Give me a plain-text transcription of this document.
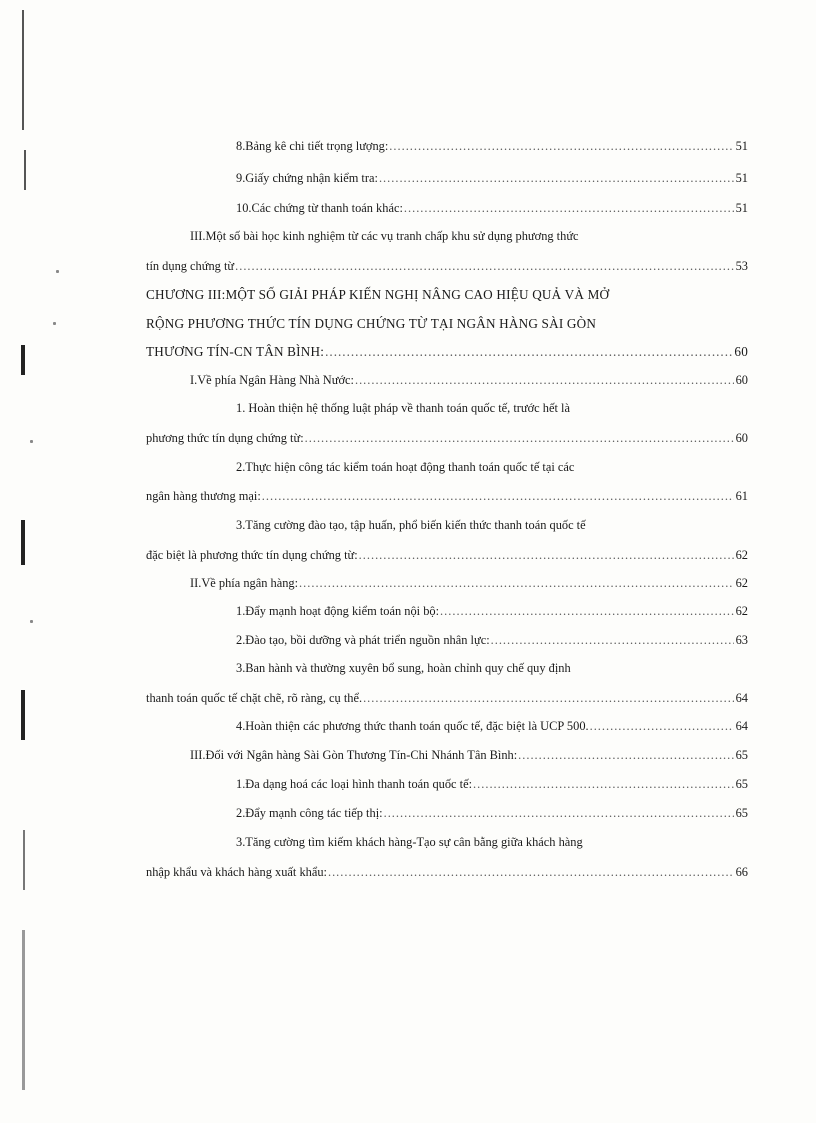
8.Bảng kê chi tiết trọng lượng: .....	51
9.Giấy chứng nhận kiểm tra: .....	51
10.Các chứng từ thanh toán khác: .....	51
III.Một số bài học kinh nghiệm từ các vụ tranh chấp khu sử dụng phương thức
tín dụng chứng từ .....	53
CHƯƠNG III:MỘT SỐ GIẢI PHÁP KIẾN NGHỊ NÂNG CAO HIỆU QUẢ VÀ MỞ
RỘNG PHƯƠNG THỨC TÍN DỤNG CHỨNG TỪ TẠI NGÂN HÀNG SÀI GÒN
THƯƠNG TÍN-CN TÂN BÌNH: .....	60
I.Về phía Ngân Hàng Nhà Nước: .....	60
1. Hoàn thiện hệ thống luật pháp về thanh toán quốc tế, trước hết là
phương thức tín dụng chứng từ: .....	60
2.Thực hiện công tác kiểm toán hoạt động thanh toán quốc tế tại các
ngân hàng thương mại: .....	61
3.Tăng cường đào tạo, tập huấn, phổ biến kiến thức thanh toán quốc tế
đặc biệt là phương thức tín dụng chứng từ: .....	62
II.Về phía ngân hàng: .....	62
1.Đẩy mạnh hoạt động kiểm toán nội bộ: .....	62
2.Đào tạo, bồi dưỡng và phát triển nguồn nhân lực: .....	63
3.Ban hành và thường xuyên bổ sung, hoàn chỉnh quy chế quy định
thanh toán quốc tế chặt chẽ, rõ ràng, cụ thể. .....	64
4.Hoàn thiện các phương thức thanh toán quốc tế, đặc biệt là UCP 500. .....	64
III.Đối với Ngân hàng Sài Gòn Thương Tín-Chi Nhánh Tân Bình: .....	65
1.Đa dạng hoá các loại hình thanh toán quốc tế: .....	65
2.Đẩy mạnh công tác tiếp thị: .....	65
3.Tăng cường tìm kiếm khách hàng-Tạo sự cân bằng giữa khách hàng
nhập khẩu và khách hàng xuất khẩu: .....	66
